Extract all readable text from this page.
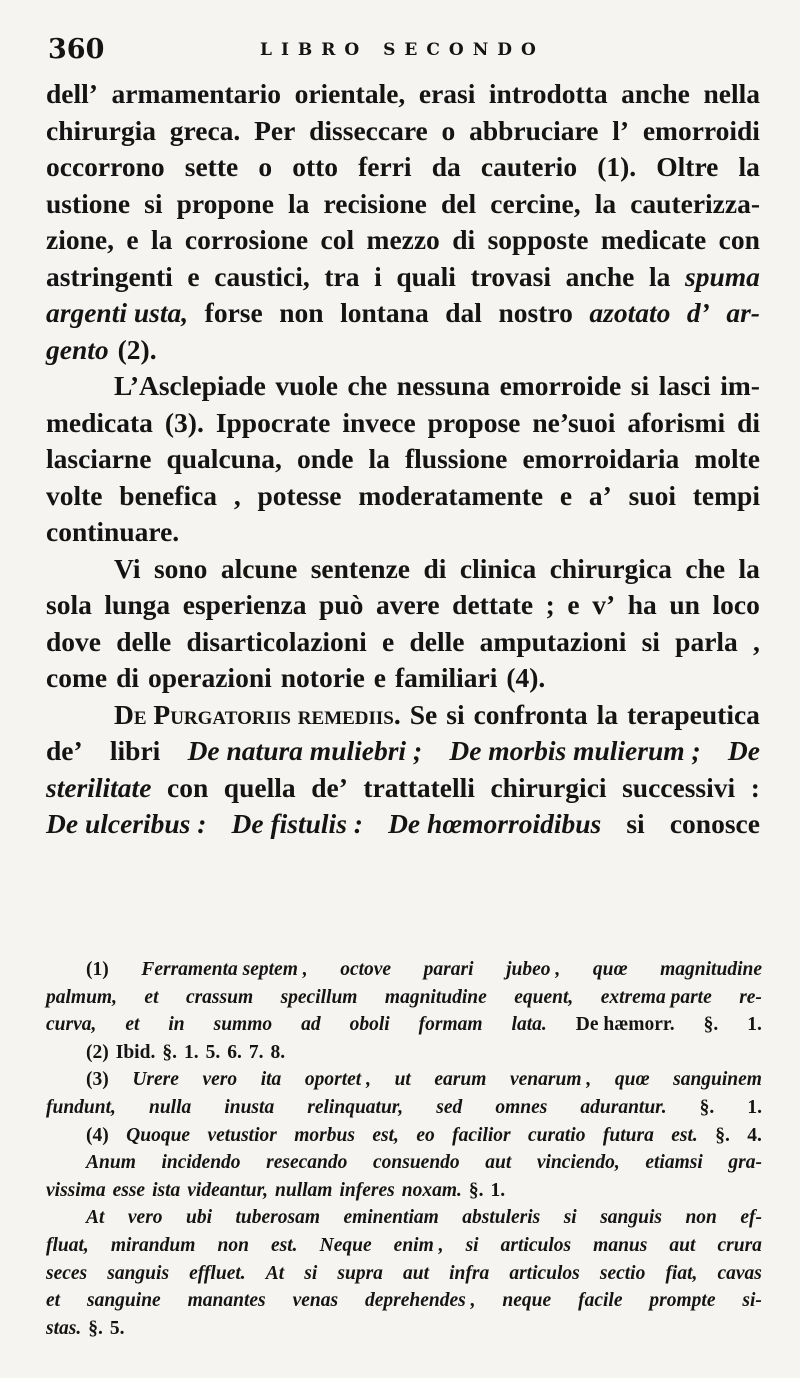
360	LIBRO SECONDO
dell’ armamentario orientale, erasi introdotta anche nella
chirurgia greca. Per disseccare o abbruciare l’ emorroidi
occorrono sette o otto ferri da cauterio (1). Oltre la
ustione si propone la recisione del cercine, la cauterizza-
zione, e la corrosione col mezzo di sopposte medicate con
astringenti e caustici, tra i quali trovasi anche la spuma
argenti usta, forse non lontana dal nostro azotato d’ ar-
gento (2).
L’Asclepiade vuole che nessuna emorroide si lasci im-
medicata (3). Ippocrate invece propose ne’suoi aforismi di
lasciarne qualcuna, onde la flussione emorroidaria molte
volte benefica , potesse moderatamente e a’ suoi tempi
continuare.
Vi sono alcune sentenze di clinica chirurgica che la
sola lunga esperienza può avere dettate ; e v’ ha un loco
dove delle disarticolazioni e delle amputazioni si parla ,
come di operazioni notorie e familiari (4).
De Purgatoriis remediis. Se si confronta la terapeutica
de’ libri De natura muliebri ; De morbis mulierum ; De
sterilitate con quella de’ trattatelli chirurgici successivi :
De ulceribus : De fistulis : De hœmorroidibus si conosce
(1) Ferramenta septem , octove parari jubeo , quœ magnitudine
palmum, et crassum specillum magnitudine equent, extrema parte re-
curva, et in summo ad oboli formam lata. De hæmorr. §. 1.
(2) Ibid. §. 1. 5. 6. 7. 8.
(3) Urere vero ita oportet , ut earum venarum , quœ sanguinem
fundunt, nulla inusta relinquatur, sed omnes adurantur. §. 1.
(4) Quoque vetustior morbus est, eo facilior curatio futura est. §. 4.
Anum incidendo resecando consuendo aut vinciendo, etiamsi gra-
vissima esse ista videantur, nullam inferes noxam. §. 1.
At vero ubi tuberosam eminentiam abstuleris si sanguis non ef-
fluat, mirandum non est. Neque enim , si articulos manus aut crura
seces sanguis effluet. At si supra aut infra articulos sectio fiat, cavas
et sanguine manantes venas deprehendes , neque facile prompte si-
stas. §. 5.
